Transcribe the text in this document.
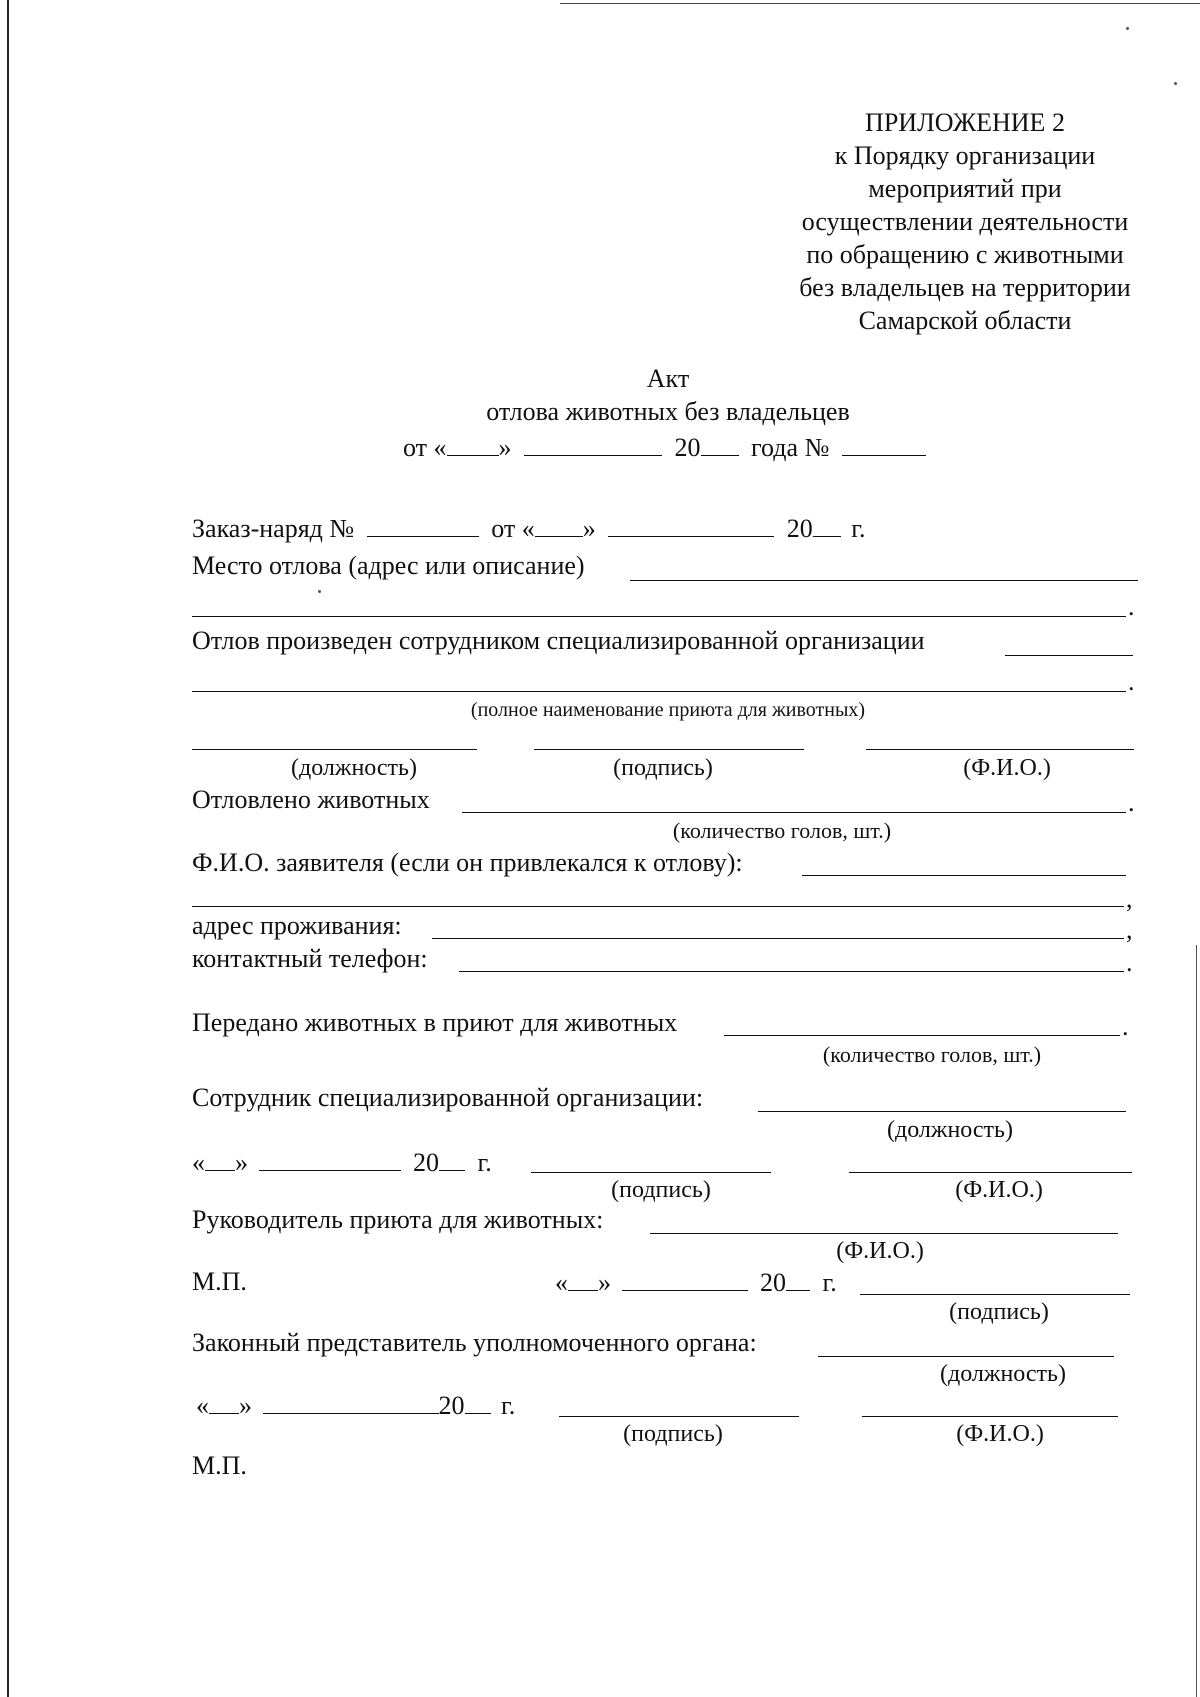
ПРИЛОЖЕНИЕ 2
к Порядку организации
мероприятий при
осуществлении деятельности
по обращению с животными
без владельцев на территории
Самарской области
Акт
отлова животных без владельцев
от « »	20 года №
Заказ-наряд №	от « »	20 г.
Место отлова (адрес или описание)
.
Отлов произведен сотрудником специализированной организации
.
(полное наименование приюта для животных)
(должность)	(подпись)	(Ф.И.О.)
Отловлено животных	.
(количество голов, шт.)
Ф.И.О. заявителя (если он привлекался к отлову):
,
адрес проживания:	,
контактный телефон:	.
Передано животных в приют для животных	.
(количество голов, шт.)
Сотрудник специализированной организации:
(должность)
« »	20 г.
(подпись)	(Ф.И.О.)
Руководитель приюта для животных:
(Ф.И.О.)
М.П.	« »	20 г.
(подпись)
Законный представитель уполномоченного органа:
(должность)
« »	20 г.
(подпись)	(Ф.И.О.)
М.П.
